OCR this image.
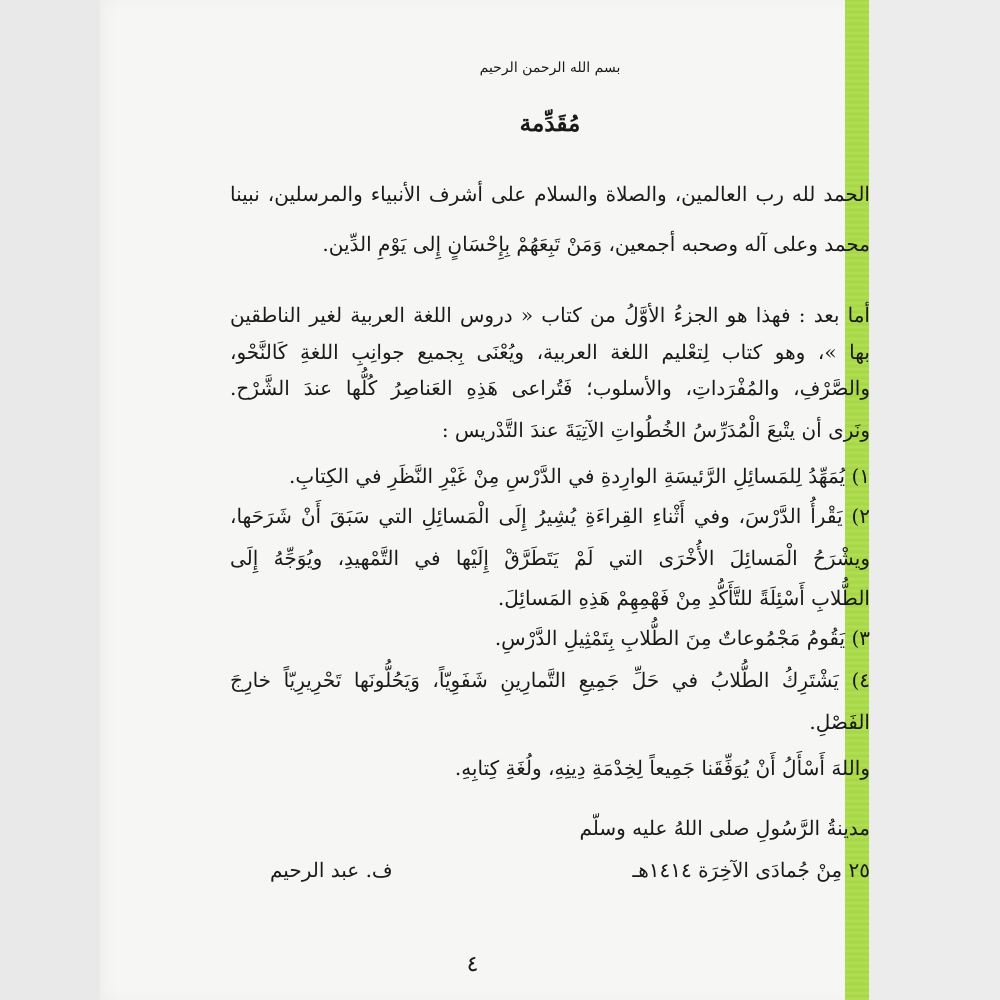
بسم الله الرحمن الرحيم
مُقَدِّمة
الحمد لله رب العالمين، والصلاة والسلام على أشرف الأنبياء والمرسلين، نبينا
محمد وعلى آله وصحبه أجمعين، وَمَنْ تَبِعَهُمْ بِإِحْسَانٍ إِلى يَوْمِ الدِّين.
أما بعد : فهذا هو الجزءُ الأوَّلُ من كتاب « دروس اللغة العربية لغير الناطقين
بها »، وهو كتاب لِتعْليم اللغة العربية، ويُعْنَى بِجميع جوانِبِ اللغةِ كَالنَّحْو،
والصَّرْفِ، والمُفْرَداتِ، والأسلوب؛ فَتُراعى هَذِهِ العَناصِرُ كُلُّها عندَ الشَّرْح.
ونَرى أن يتْبعَ الْمُدَرِّسُ الخُطُواتِ الآتِيَةَ عندَ التَّدْريس :
١) يُمَهِّدُ لِلمَسائِلِ الرَّئيسَةِ الوارِدةِ في الدَّرْسِ مِنْ غَيْرِ النَّظَرِ في الكِتابِ.
٢) يَقْرأُ الدَّرْسَ، وفي أَثْناءِ القِراءَةِ يُشِيرُ إِلَى الْمَسائِلِ التي سَبَقَ أَنْ شَرَحَها،
ويشْرَحُ الْمَسائِلَ الأُخْرَى التي لَمْ يَتَطَرَّقْ إِلَيْها في التَّمْهيدِ، ويُوَجِّهُ إِلَى
الطُّلابِ أَسْئِلَةً للتَّأَكُّدِ مِنْ فَهْمِهِمْ هَذِهِ المَسائِلَ.
٣) يَقُومُ مَجْمُوعاتٌ مِنَ الطُّلابِ بِتَمْثِيلِ الدَّرْسِ.
٤) يَشْتَرِكُ الطُّلابُ في حَلِّ جَمِيعِ التَّمارِينِ شَفَوِيّاً، وَيَحُلُّونَها تَحْرِيرِيّاً خارِجَ
الفَصْلِ.
واللهَ أَسْأَلُ أَنْ يُوَفِّقَنا جَمِيعاً لِخِدْمَةِ دِينِهِ، ولُغَةِ كِتابِهِ.
مدينةُ الرَّسُولِ صلى اللهُ عليه وسلّم
٢٥ مِنْ جُمادَى الآخِرَة ١٤١٤هـ
ف. عبد الرحيم
٤
